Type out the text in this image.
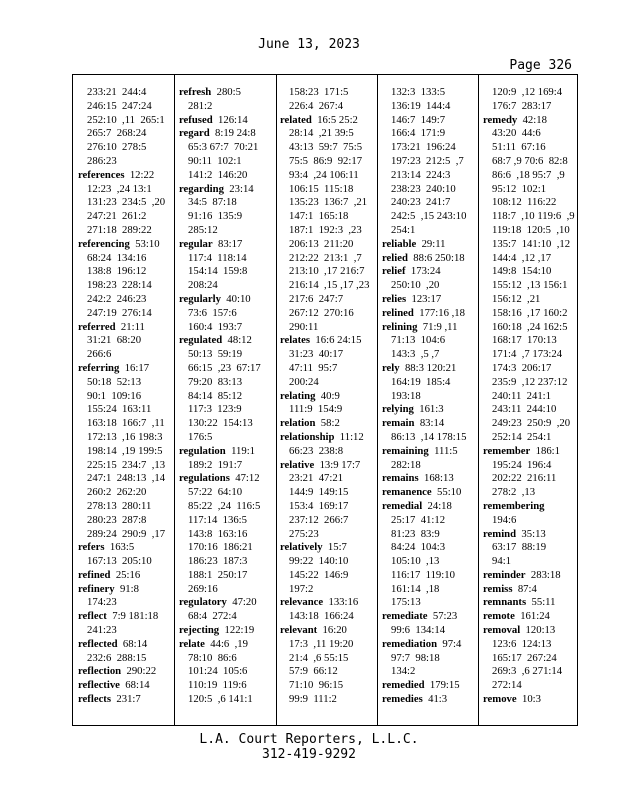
June 13, 2023
Page 326
233:21  244:4
246:15  247:24
252:10  ,11  265:1
265:7  268:24
276:10  278:5
286:23
references 12:22
12:23  ,24 13:1
131:23  234:5  ,20
247:21  261:2
271:18  289:22
referencing 53:10
68:24  134:16
138:8  196:12
198:23  228:14
242:2  246:23
247:19  276:14
referred 21:11
31:21  68:20
266:6
referring 16:17
50:18  52:13
90:1  109:16
155:24  163:11
163:18  166:7  ,11
172:13  ,16 198:3
198:14  ,19 199:5
225:15  234:7  ,13
247:1  248:13  ,14
260:2  262:20
278:13  280:11
280:23  287:8
289:24  290:9  ,17
refers 163:5
167:13  205:10
refined 25:16
refinery 91:8
174:23
reflect 7:9 181:18
241:23
reflected 68:14
232:6  288:15
reflection 290:22
reflective 68:14
reflects 231:7
refresh 280:5
281:2
refused 126:14
regard 8:19 24:8
65:3 67:7  70:21
90:11  102:1
141:2  146:20
regarding 23:14
34:5  87:18
91:16  135:9
285:12
regular 83:17
117:4  118:14
154:14  159:8
208:24
regularly 40:10
73:6  157:6
160:4  193:7
regulated 48:12
50:13  59:19
66:15  ,23  67:17
79:20  83:13
84:14  85:12
117:3  123:9
130:22  154:13
176:5
regulation 119:1
189:2  191:7
regulations 47:12
57:22  64:10
85:22  ,24  116:5
117:14  136:5
143:8  163:16
170:16  186:21
186:23  187:3
188:1  250:17
269:16
regulatory 47:20
68:4  272:4
rejecting 122:19
relate 44:6  ,19
78:10  86:6
101:24  105:6
110:19  119:6
120:5  ,6 141:1
158:23  171:5
226:4  267:4
related 16:5 25:2
28:14  ,21 39:5
43:13  59:7  75:5
75:5  86:9  92:17
93:4  ,24 106:11
106:15  115:18
135:23  136:7  ,21
147:1  165:18
187:1  192:3  ,23
206:13  211:20
212:22  213:1  ,7
213:10  ,17 216:7
216:14  ,15 ,17 ,23
217:6  247:7
267:12  270:16
290:11
relates 16:6 24:15
31:23  40:17
47:11  95:7
200:24
relating 40:9
111:9  154:9
relation 58:2
relationship 11:12
66:23  238:8
relative 13:9 17:7
23:21  47:21
144:9  149:15
153:4  169:17
237:12  266:7
275:23
relatively 15:7
99:22  140:10
145:22  146:9
197:2
relevance 133:16
143:18  166:24
relevant 16:20
17:3  ,11 19:20
21:4  ,6 55:15
57:9  66:12
71:10  96:15
99:9  111:2
132:3  133:5
136:19  144:4
146:7  149:7
166:4  171:9
173:21  196:24
197:23  212:5  ,7
213:14  224:3
238:23  240:10
240:23  241:7
242:5  ,15 243:10
254:1
reliable 29:11
relied 88:6 250:18
relief 173:24
250:10  ,20
relies 123:17
relined 177:16 ,18
relining 71:9 ,11
71:13  104:6
143:3  ,5 ,7
rely 88:3 120:21
164:19  185:4
193:18
relying 161:3
remain 83:14
86:13  ,14 178:15
remaining 111:5
282:18
remains 168:13
remanence 55:10
remedial 24:18
25:17  41:12
81:23  83:9
84:24  104:3
105:10  ,13
116:17  119:10
161:14  ,18
175:13
remediate 57:23
99:6  134:14
remediation 97:4
97:7  98:18
134:2
remedied 179:15
remedies 41:3
120:9  ,12 169:4
176:7  283:17
remedy 42:18
43:20  44:6
51:11  67:16
68:7 ,9 70:6  82:8
86:6  ,18 95:7  ,9
95:12  102:1
108:12  116:22
118:7  ,10 119:6  ,9
119:18  120:5  ,10
135:7  141:10  ,12
144:4  ,12 ,17
149:8  154:10
155:12  ,13 156:1
156:12  ,21
158:16  ,17 160:2
160:18  ,24 162:5
168:17  170:13
171:4  ,7 173:24
174:3  206:17
235:9  ,12 237:12
240:11  241:1
243:11  244:10
249:23  250:9  ,20
252:14  254:1
remember 186:1
195:24  196:4
202:22  216:11
278:2  ,13
remembering
194:6
remind 35:13
63:17  88:19
94:1
reminder 283:18
remiss 87:4
remnants 55:11
remote 161:24
removal 120:13
123:6  124:13
165:17  267:24
269:3  ,6 271:14
272:14
remove 10:3
L.A. Court Reporters, L.L.C.
312-419-9292
